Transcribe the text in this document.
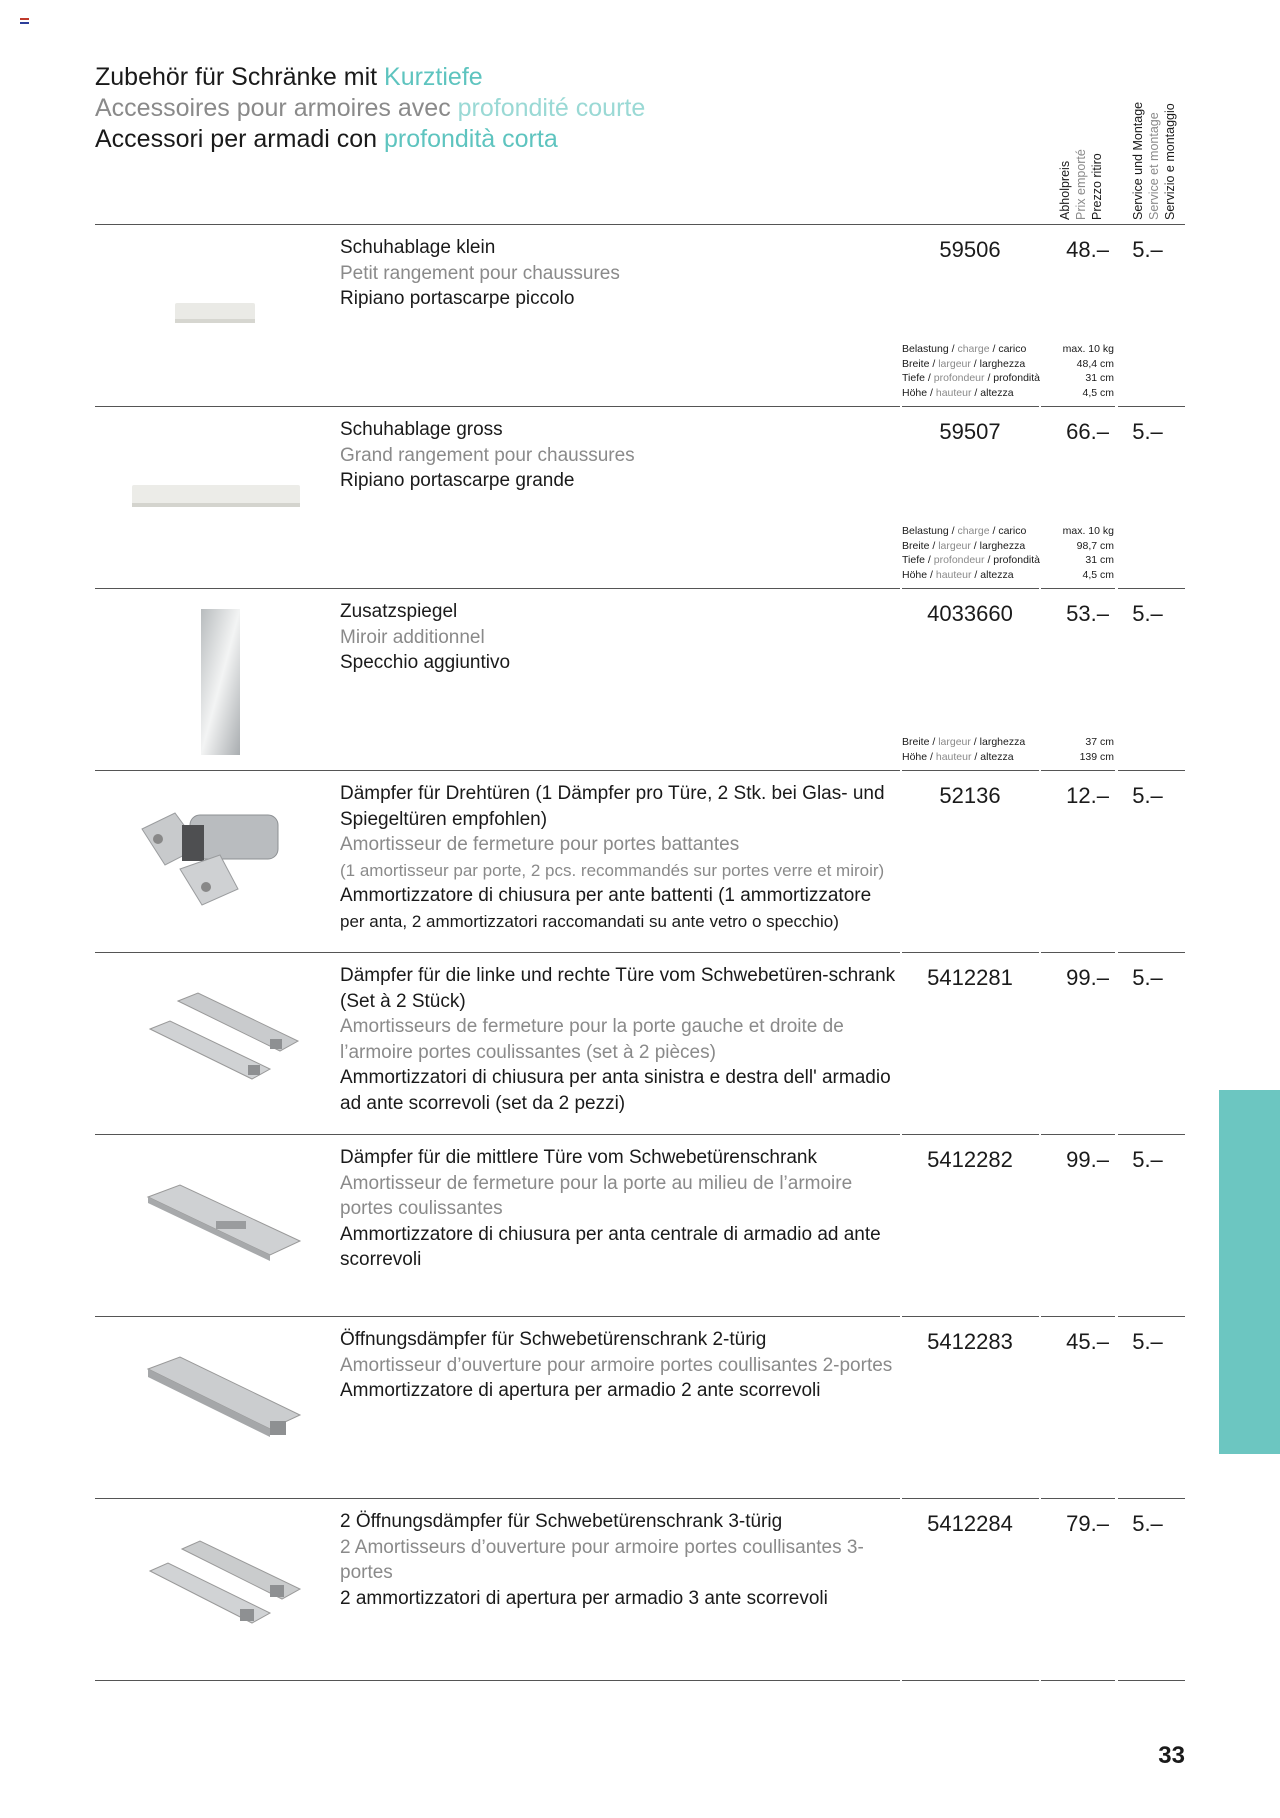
Zubehör für Schränke mit Kurztiefe
Accessoires pour armoires avec profondité courte
Accessori per armadi con profondità corta
Abholpreis Prix emporté Prezzo ritiro Service und Montage Service et montage Servizio e montaggio
Schuhablage klein
Petit rangement pour chaussures
Ripiano portascarpe piccolo
59506	48.–	5.–
Belastung / charge / carico	max. 10 kg
Breite / largeur / larghezza	48,4 cm
Tiefe / profondeur / profondità	31 cm
Höhe / hauteur / altezza	4,5 cm
Schuhablage gross
Grand rangement pour chaussures
Ripiano portascarpe grande
59507	66.–	5.–
Belastung / charge / carico	max. 10 kg
Breite / largeur / larghezza	98,7 cm
Tiefe / profondeur / profondità	31 cm
Höhe / hauteur / altezza	4,5 cm
Zusatzspiegel
Miroir additionnel
Specchio aggiuntivo
4033660	53.–	5.–
Breite / largeur / larghezza	37 cm
Höhe / hauteur / altezza	139 cm
Dämpfer für Drehtüren (1 Dämpfer pro Türe, 2 Stk. bei Glas- und Spiegeltüren empfohlen)
Amortisseur de fermeture pour portes battantes
(1 amortisseur par porte, 2 pcs. recommandés sur portes verre et miroir)
Ammortizzatore di chiusura per ante battenti (1 ammortizzatore
per anta, 2 ammortizzatori raccomandati su ante vetro o specchio)
52136	12.–	5.–
Dämpfer für die linke und rechte Türe vom Schwebetüren-schrank (Set à 2 Stück)
Amortisseurs de fermeture pour la porte gauche et droite de l’armoire portes coulissantes (set à 2 pièces)
Ammortizzatori di chiusura per anta sinistra e destra dell' armadio ad ante scorrevoli (set da 2 pezzi)
5412281	99.–	5.–
Dämpfer für die mittlere Türe vom Schwebetürenschrank
Amortisseur de fermeture pour la porte au milieu de l’armoire portes coulissantes
Ammortizzatore di chiusura per anta centrale di armadio ad ante scorrevoli
5412282	99.–	5.–
Öffnungsdämpfer für Schwebetürenschrank 2-türig
Amortisseur d’ouverture pour armoire portes coullisantes 2-portes
Ammortizzatore di apertura per armadio 2 ante scorrevoli
5412283	45.–	5.–
2 Öffnungsdämpfer für Schwebetürenschrank 3-türig
2 Amortisseurs d’ouverture pour armoire portes coullisantes 3-portes
2 ammortizzatori di apertura per armadio 3 ante scorrevoli
5412284	79.–	5.–
33
